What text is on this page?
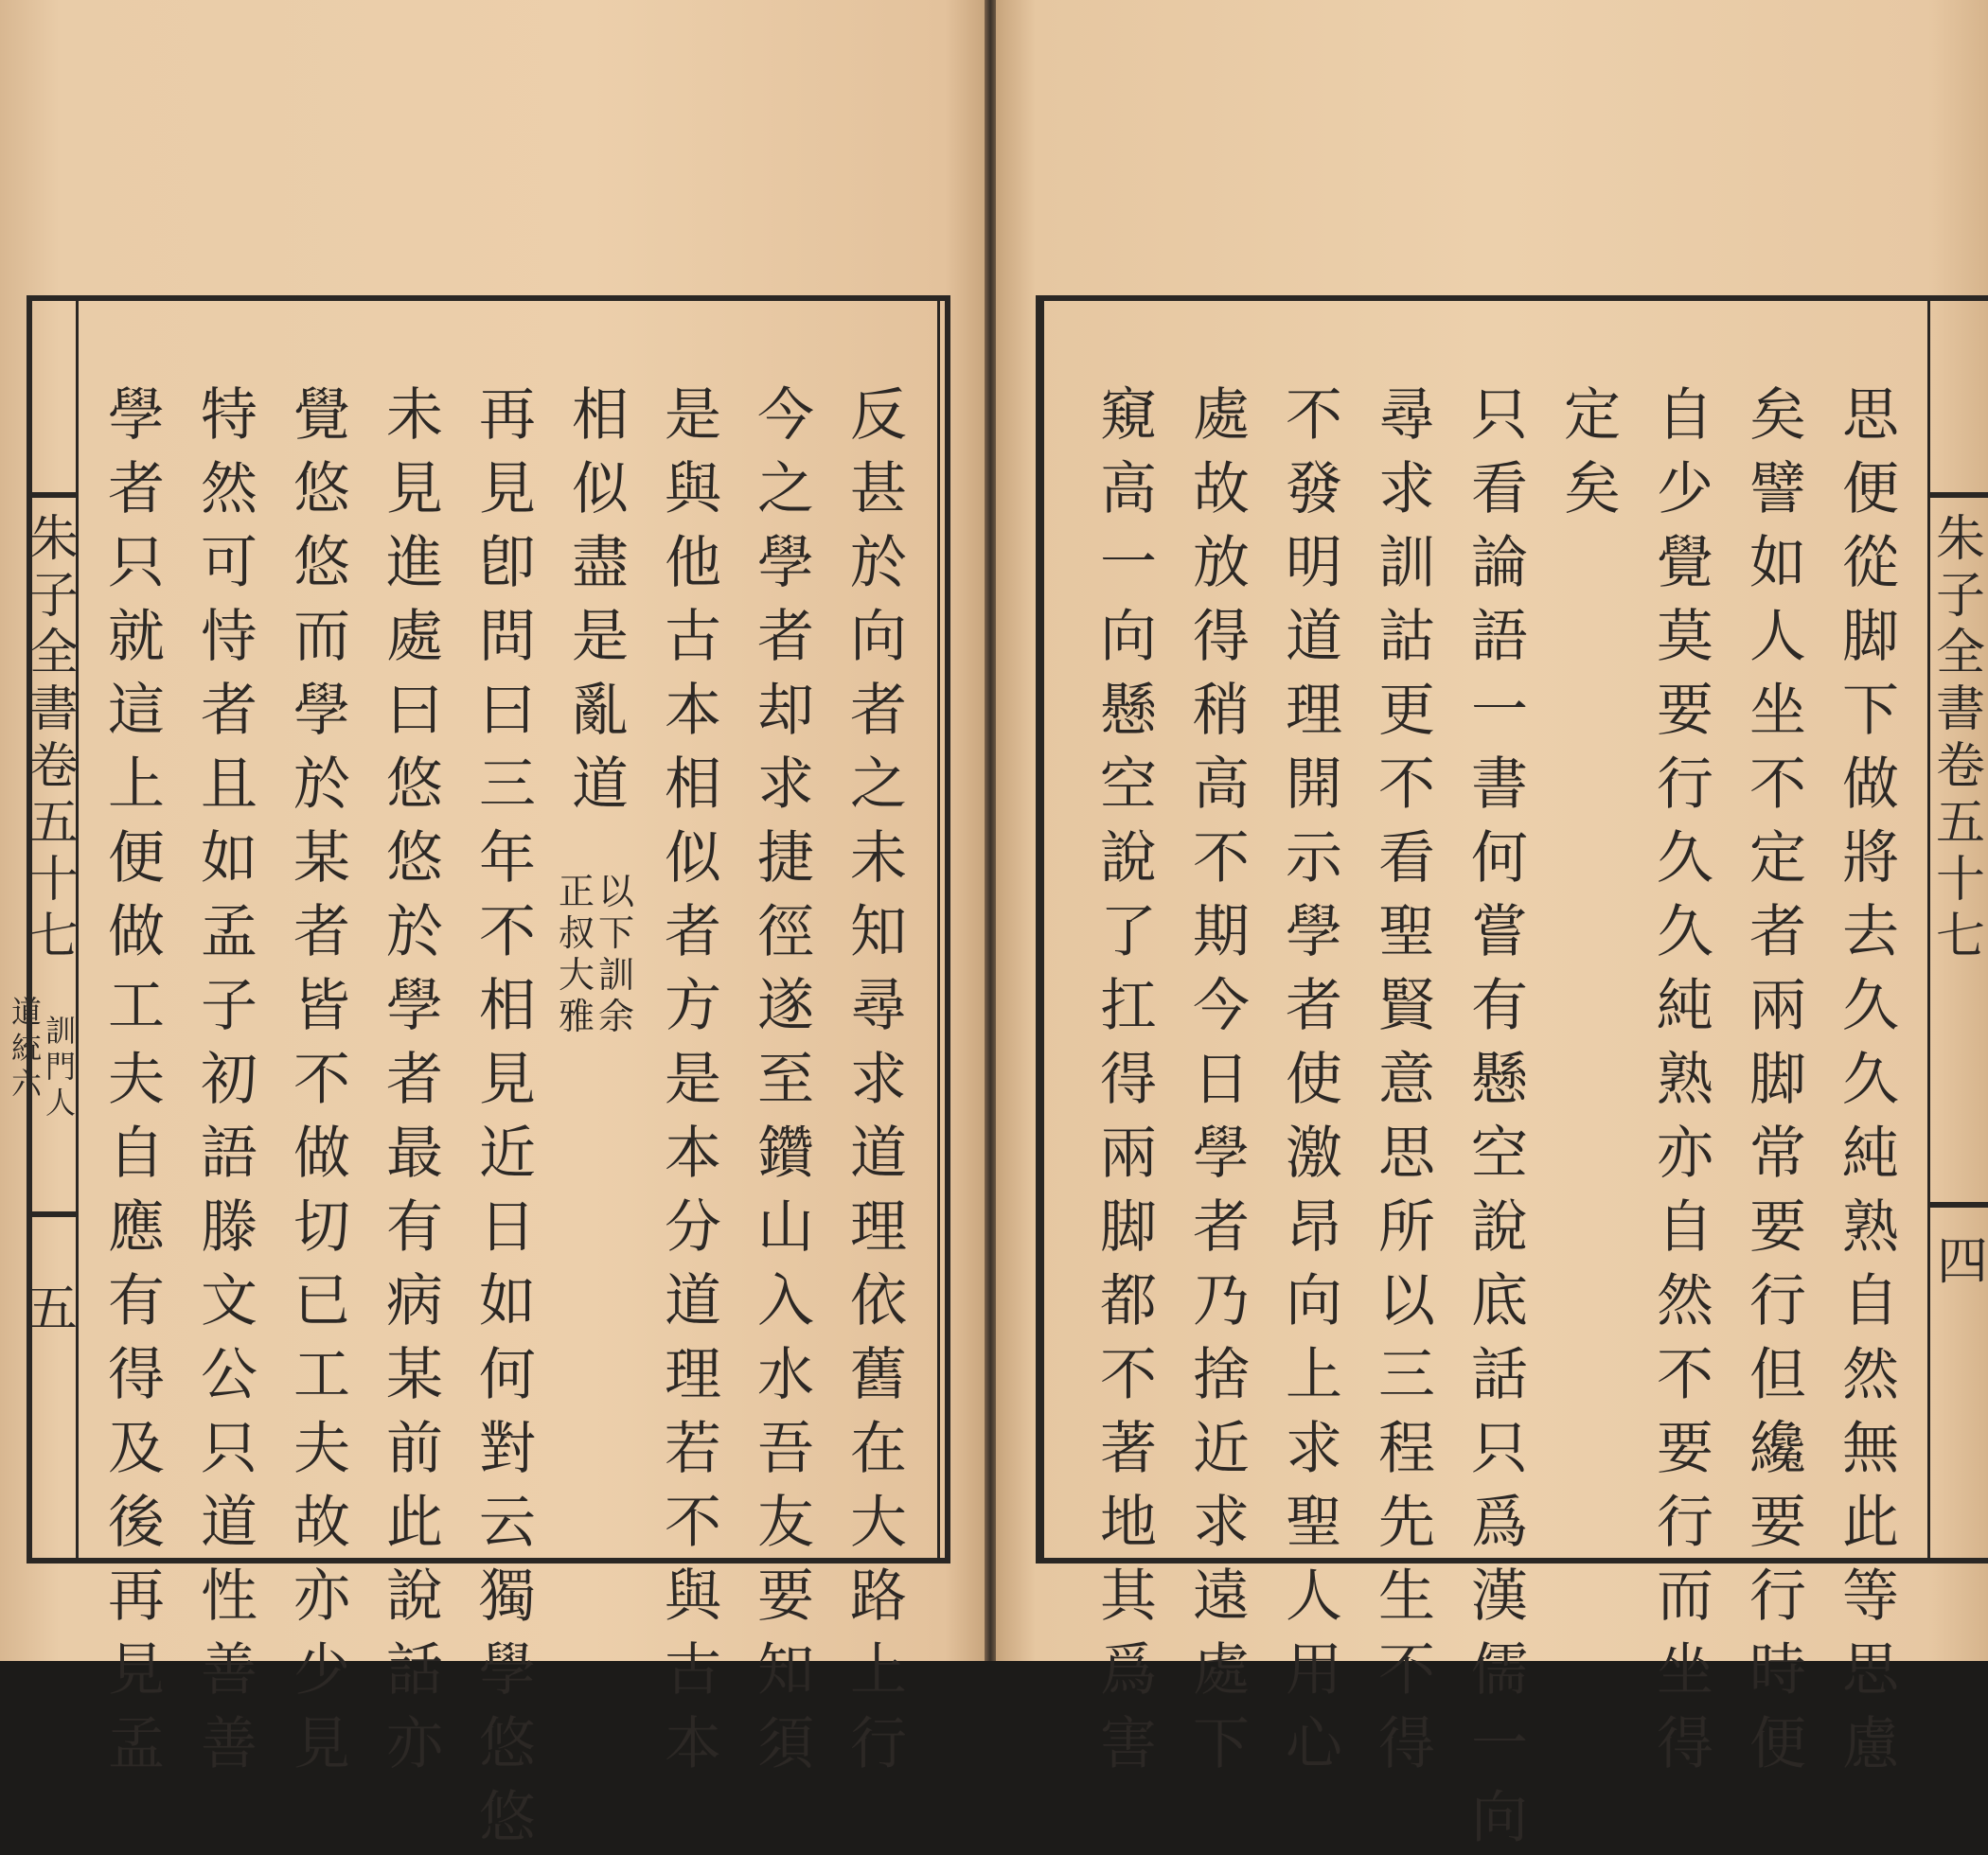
朱
子
全
書
卷
五
十
七
道
統
六
訓
門
人
五
反
甚
於
向
者
之
未
知
尋
求
道
理
依
舊
在
大
路
上
行
今
之
學
者
却
求
捷
徑
遂
至
鑽
山
入
水
吾
友
要
知
須
是
與
他
古
本
相
似
者
方
是
本
分
道
理
若
不
與
古
本
相
似
盡
是
亂
道
再
見
卽
問
曰
三
年
不
相
見
近
日
如
何
對
云
獨
學
悠
悠
未
見
進
處
曰
悠
悠
於
學
者
最
有
病
某
前
此
說
話
亦
覺
悠
悠
而
學
於
某
者
皆
不
做
切
已
工
夫
故
亦
少
見
特
然
可
恃
者
且
如
孟
子
初
語
滕
文
公
只
道
性
善
善
學
者
只
就
這
上
便
做
工
夫
自
應
有
得
及
後
再
見
孟
以
下
訓
余
正
叔
大
雅
朱
子
全
書
卷
五
十
七
四
思
便
從
脚
下
做
將
去
久
久
純
熟
自
然
無
此
等
思
慮
矣
譬
如
人
坐
不
定
者
兩
脚
常
要
行
但
纔
要
行
時
便
自
少
覺
莫
要
行
久
久
純
熟
亦
自
然
不
要
行
而
坐
得
定
矣
只
看
論
語
一
書
何
嘗
有
懸
空
說
底
話
只
爲
漢
儒
一
向
尋
求
訓
詁
更
不
看
聖
賢
意
思
所
以
三
程
先
生
不
得
不
發
明
道
理
開
示
學
者
使
激
昂
向
上
求
聖
人
用
心
處
故
放
得
稍
高
不
期
今
日
學
者
乃
捨
近
求
遠
處
下
窺
高
一
向
懸
空
說
了
扛
得
兩
脚
都
不
著
地
其
爲
害
